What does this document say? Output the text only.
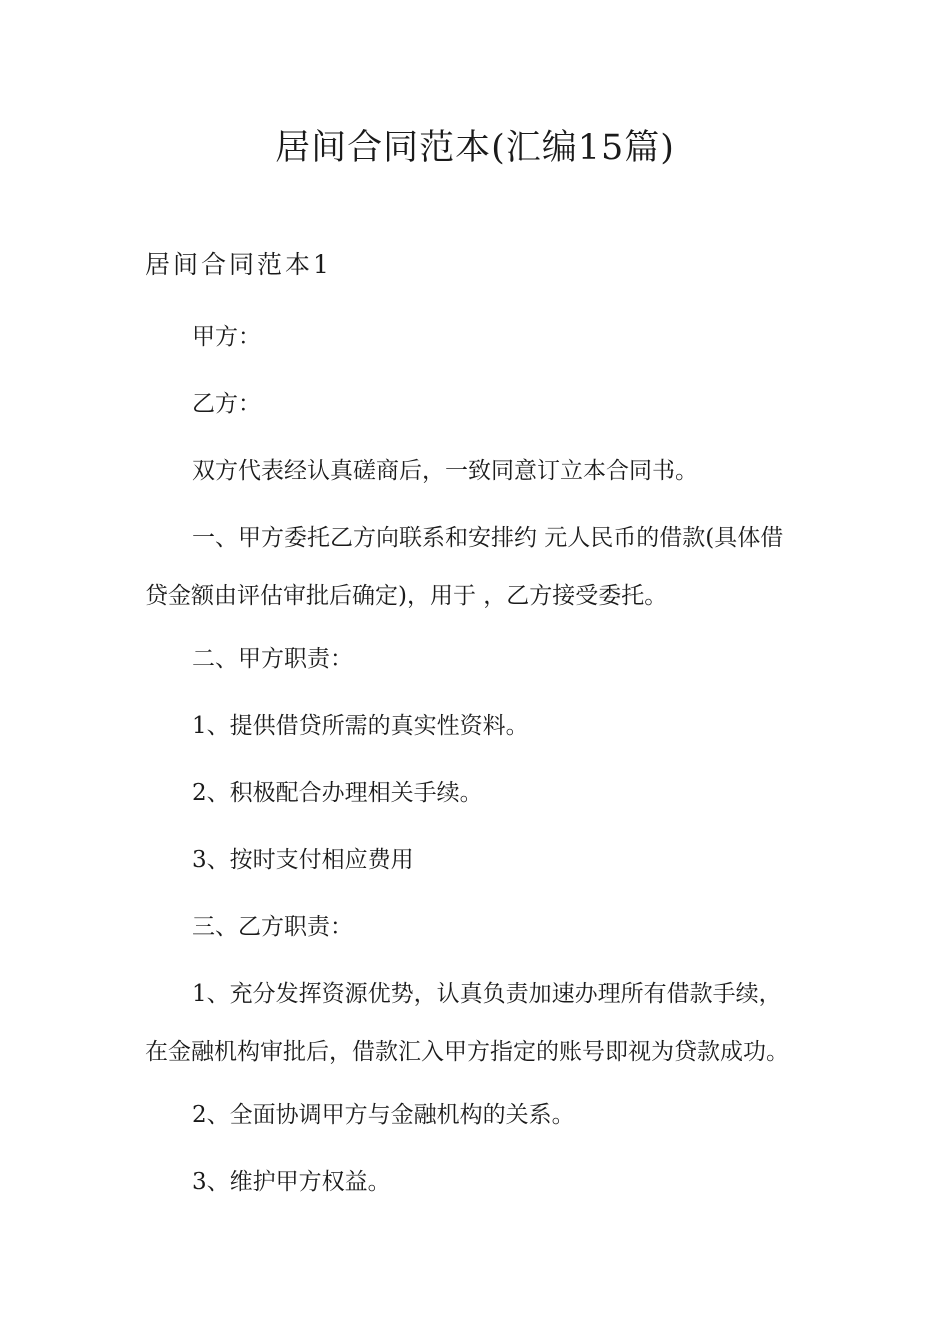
居间合同范本(汇编15篇)
居间合同范本1

甲方：

乙方：

双方代表经认真磋商后，一致同意订立本合同书。

一、甲方委托乙方向联系和安排约 元人民币的借款(具体借
贷金额由评估审批后确定)，用于 ，乙方接受委托。

二、甲方职责：

1、提供借贷所需的真实性资料。

2、积极配合办理相关手续。

3、按时支付相应费用

三、乙方职责：

1、充分发挥资源优势，认真负责加速办理所有借款手续，
在金融机构审批后，借款汇入甲方指定的账号即视为贷款成功。

2、全面协调甲方与金融机构的关系。

3、维护甲方权益。
